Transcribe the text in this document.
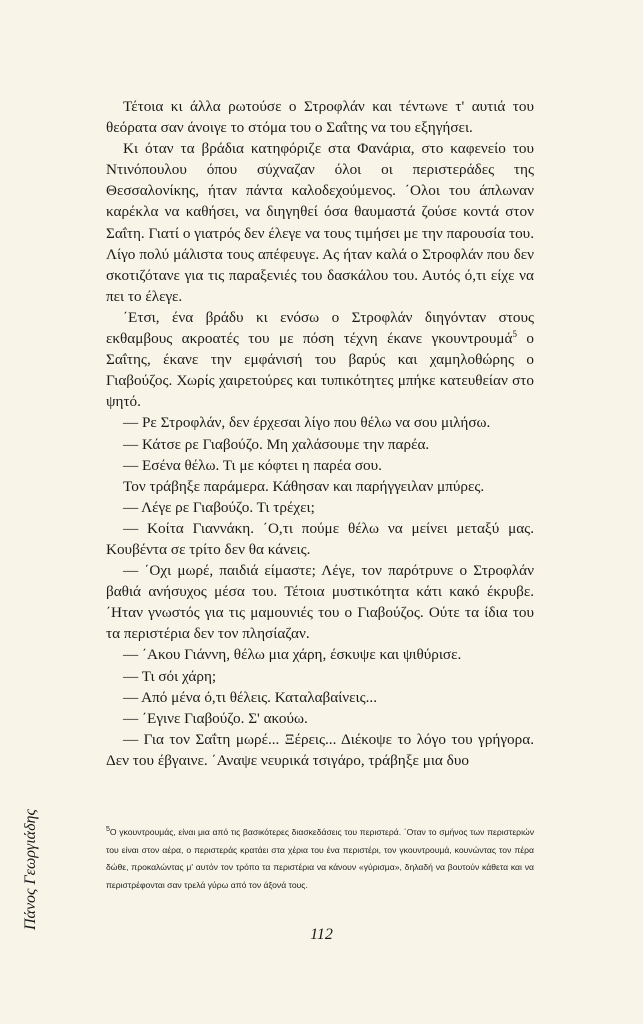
Πάνος Γεωργιάδης

Τέτοια κι άλλα ρωτούσε ο Στροφλάν και τέντωνε τ' αυτιά του θεόρατα σαν άνοιγε το στόμα του ο Σαΐτης να του εξηγήσει.

Κι όταν τα βράδια κατηφόριζε στα Φανάρια, στο καφενείο του Ντινόπουλου όπου σύχναζαν όλοι οι περιστεράδες της Θεσσαλονίκης, ήταν πάντα καλοδεχούμενος. ΄Ολοι του άπλωναν καρέκλα να καθήσει, να διηγηθεί όσα θαυμαστά ζούσε κοντά στον Σαΐτη. Γιατί ο γιατρός δεν έλεγε να τους τιμήσει με την παρουσία του. Λίγο πολύ μάλιστα τους απέφευγε. Ας ήταν καλά ο Στροφλάν που δεν σκοτιζότανε για τις παραξενιές του δασκάλου του. Αυτός ό,τι είχε να πει το έλεγε.

΄Ετσι, ένα βράδυ κι ενόσω ο Στροφλάν διηγόνταν στους εκθαμβους ακροατές του με πόση τέχνη έκανε γκουντρουμά$^5$ ο Σαΐτης, έκανε την εμφάνισή του βαρύς και χαμηλοθώρης ο Γιαβούζος. Χωρίς χαιρετούρες και τυπικότητες μπήκε κατευθείαν στο ψητό.

— Ρε Στροφλάν, δεν έρχεσαι λίγο που θέλω να σου μιλήσω.

— Κάτσε ρε Γιαβούζο. Μη χαλάσουμε την παρέα.

— Εσένα θέλω. Τι με κόφτει η παρέα σου.

Τον τράβηξε παράμερα. Κάθησαν και παρήγγειλαν μπύρες.

— Λέγε ρε Γιαβούζο. Τι τρέχει;

— Κοίτα Γιαννάκη. ΄Ο,τι πούμε θέλω να μείνει μεταξύ μας. Κουβέντα σε τρίτο δεν θα κάνεις.

— ΄Οχι μωρέ, παιδιά είμαστε; Λέγε, τον παρότρυνε ο Στροφλάν βαθιά ανήσυχος μέσα του. Τέτοια μυστικότητα κάτι κακό έκρυβε. ΄Ηταν γνωστός για τις μαμουνιές του ο Γιαβούζος. Ούτε τα ίδια του τα περιστέρια δεν τον πλησίαζαν.

— ΄Ακου Γιάννη, θέλω μια χάρη, έσκυψε και ψιθύρισε.

— Τι σόι χάρη;

— Από μένα ό,τι θέλεις. Καταλαβαίνεις...

— ΄Εγινε Γιαβούζο. Σ' ακούω.

— Για τον Σαΐτη μωρέ... Ξέρεις... Διέκοψε το λόγο του γρήγορα. Δεν του έβγαινε. ΄Αναψε νευρικά τσιγάρο, τράβηξε μια δυο

$^5$Ο γκουντρουμάς, είναι μια από τις βασικότερες διασκεδάσεις του περιστερά. ΄Οταν το σμήνος των περιστεριών του είναι στον αέρα, ο περιστεράς κρατάει στα χέρια του ένα περιστέρι, τον γκουντρουμά, κουνώντας τον πέρα δώθε, προκαλώντας μ' αυτόν τον τρόπο τα περιστέρια να κάνουν «γύρισμα», δηλαδή να βουτούν κάθετα και να περιστρέφονται σαν τρελά γύρω από τον άξονά τους.
112
